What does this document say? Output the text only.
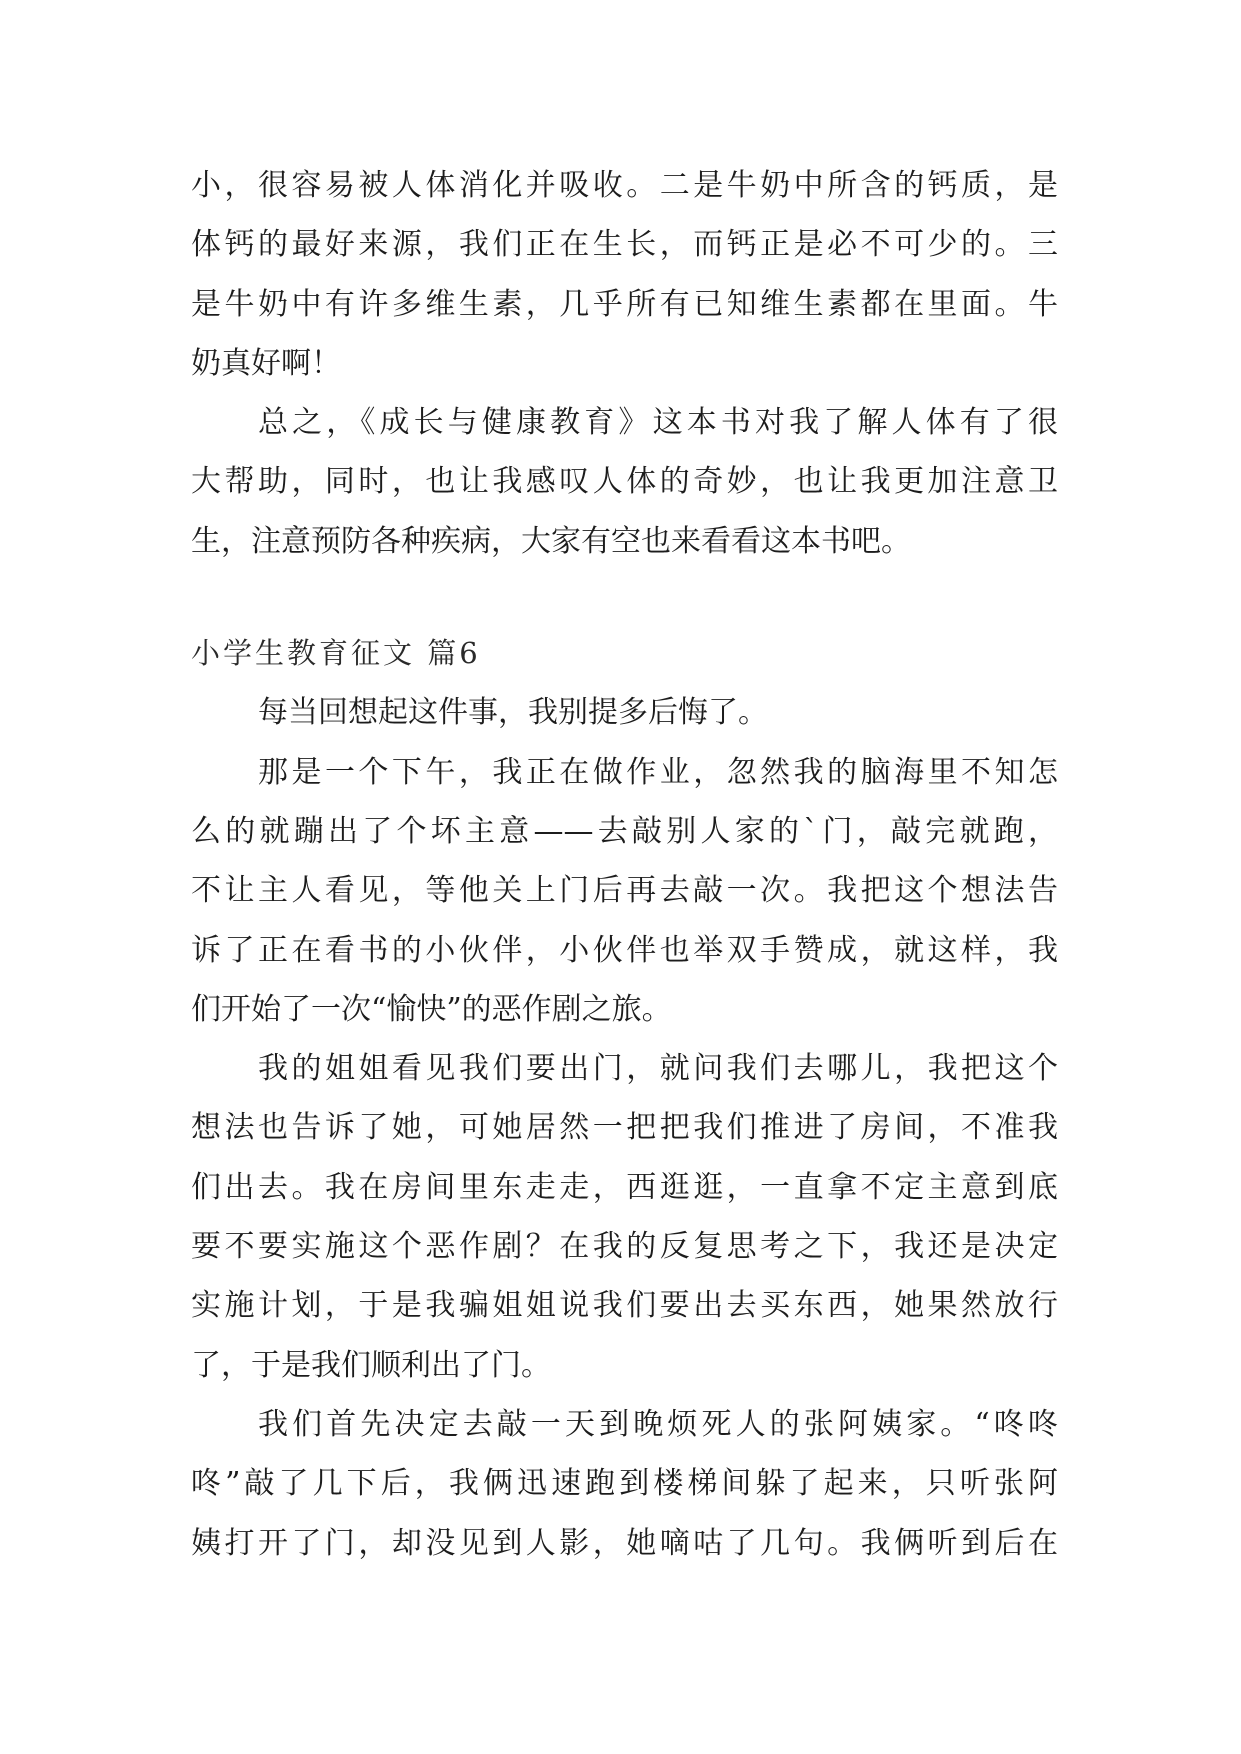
小，很容易被人体消化并吸收。二是牛奶中所含的钙质，是
体钙的最好来源，我们正在生长，而钙正是必不可少的。三
是牛奶中有许多维生素，几乎所有已知维生素都在里面。牛
奶真好啊！
总之，《成长与健康教育》这本书对我了解人体有了很
大帮助，同时，也让我感叹人体的奇妙，也让我更加注意卫
生，注意预防各种疾病，大家有空也来看看这本书吧。
小学生教育征文 篇6
每当回想起这件事，我别提多后悔了。
那是一个下午，我正在做作业，忽然我的脑海里不知怎
么的就蹦出了个坏主意——去敲别人家的`门，敲完就跑，
不让主人看见，等他关上门后再去敲一次。我把这个想法告
诉了正在看书的小伙伴，小伙伴也举双手赞成，就这样，我
们开始了一次“愉快”的恶作剧之旅。
我的姐姐看见我们要出门，就问我们去哪儿，我把这个
想法也告诉了她，可她居然一把把我们推进了房间，不准我
们出去。我在房间里东走走，西逛逛，一直拿不定主意到底
要不要实施这个恶作剧？在我的反复思考之下，我还是决定
实施计划，于是我骗姐姐说我们要出去买东西，她果然放行
了，于是我们顺利出了门。
我们首先决定去敲一天到晚烦死人的张阿姨家。“咚咚
咚”敲了几下后，我俩迅速跑到楼梯间躲了起来，只听张阿
姨打开了门，却没见到人影，她嘀咕了几句。我俩听到后在
